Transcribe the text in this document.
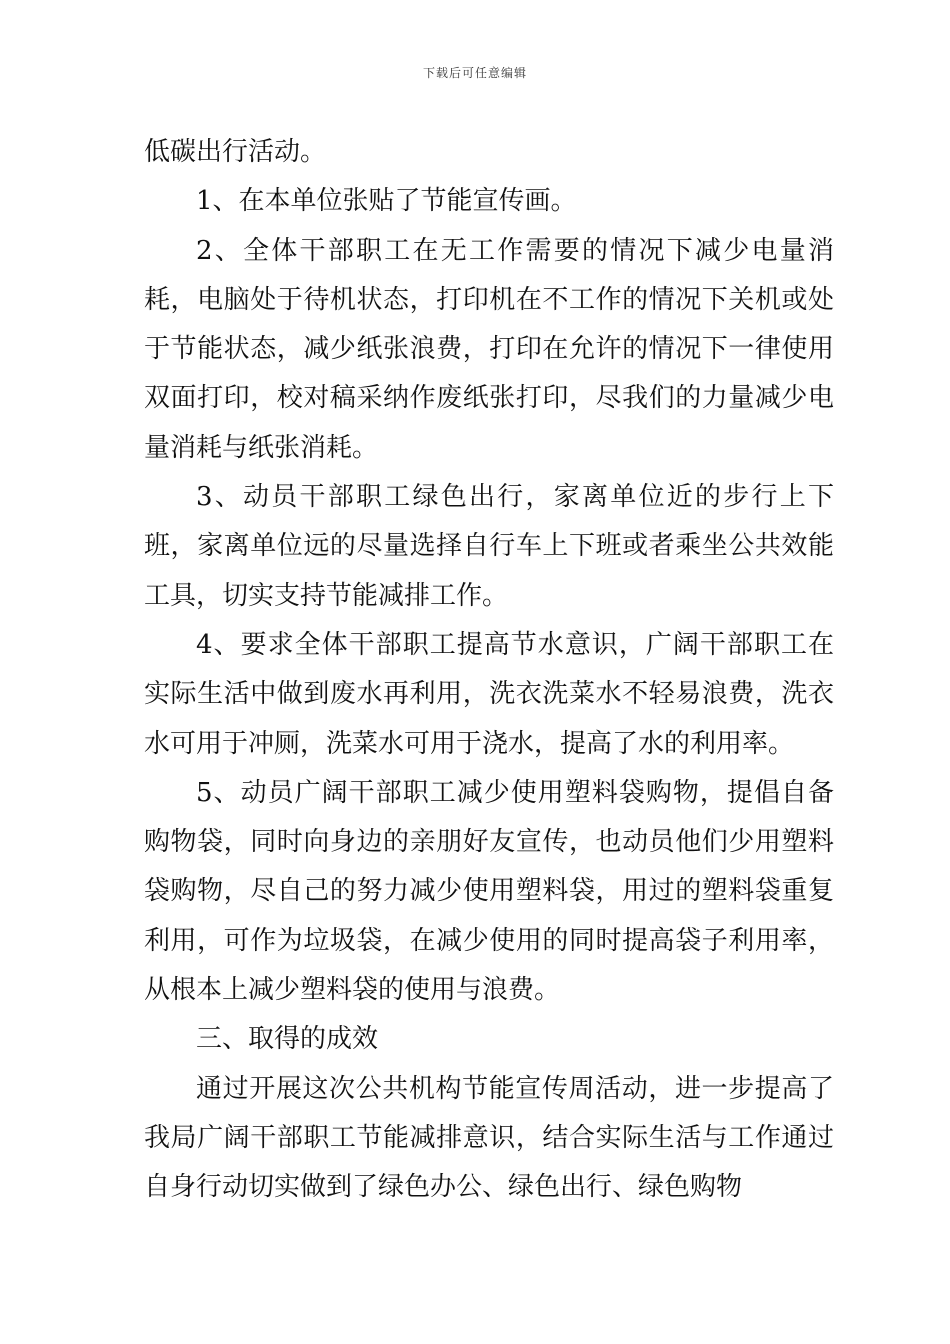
下载后可任意编辑

低碳出行活动。

1、在本单位张贴了节能宣传画。

2、全体干部职工在无工作需要的情况下减少电量消耗，电脑处于待机状态，打印机在不工作的情况下关机或处于节能状态，减少纸张浪费，打印在允许的情况下一律使用双面打印，校对稿采纳作废纸张打印，尽我们的力量减少电量消耗与纸张消耗。

3、动员干部职工绿色出行，家离单位近的步行上下班，家离单位远的尽量选择自行车上下班或者乘坐公共效能工具，切实支持节能减排工作。

4、要求全体干部职工提高节水意识，广阔干部职工在实际生活中做到废水再利用，洗衣洗菜水不轻易浪费，洗衣水可用于冲厕，洗菜水可用于浇水，提高了水的利用率。

5、动员广阔干部职工减少使用塑料袋购物，提倡自备购物袋，同时向身边的亲朋好友宣传，也动员他们少用塑料袋购物，尽自己的努力减少使用塑料袋，用过的塑料袋重复利用，可作为垃圾袋，在减少使用的同时提高袋子利用率，从根本上减少塑料袋的使用与浪费。

三、取得的成效

通过开展这次公共机构节能宣传周活动，进一步提高了我局广阔干部职工节能减排意识，结合实际生活与工作通过自身行动切实做到了绿色办公、绿色出行、绿色购物
